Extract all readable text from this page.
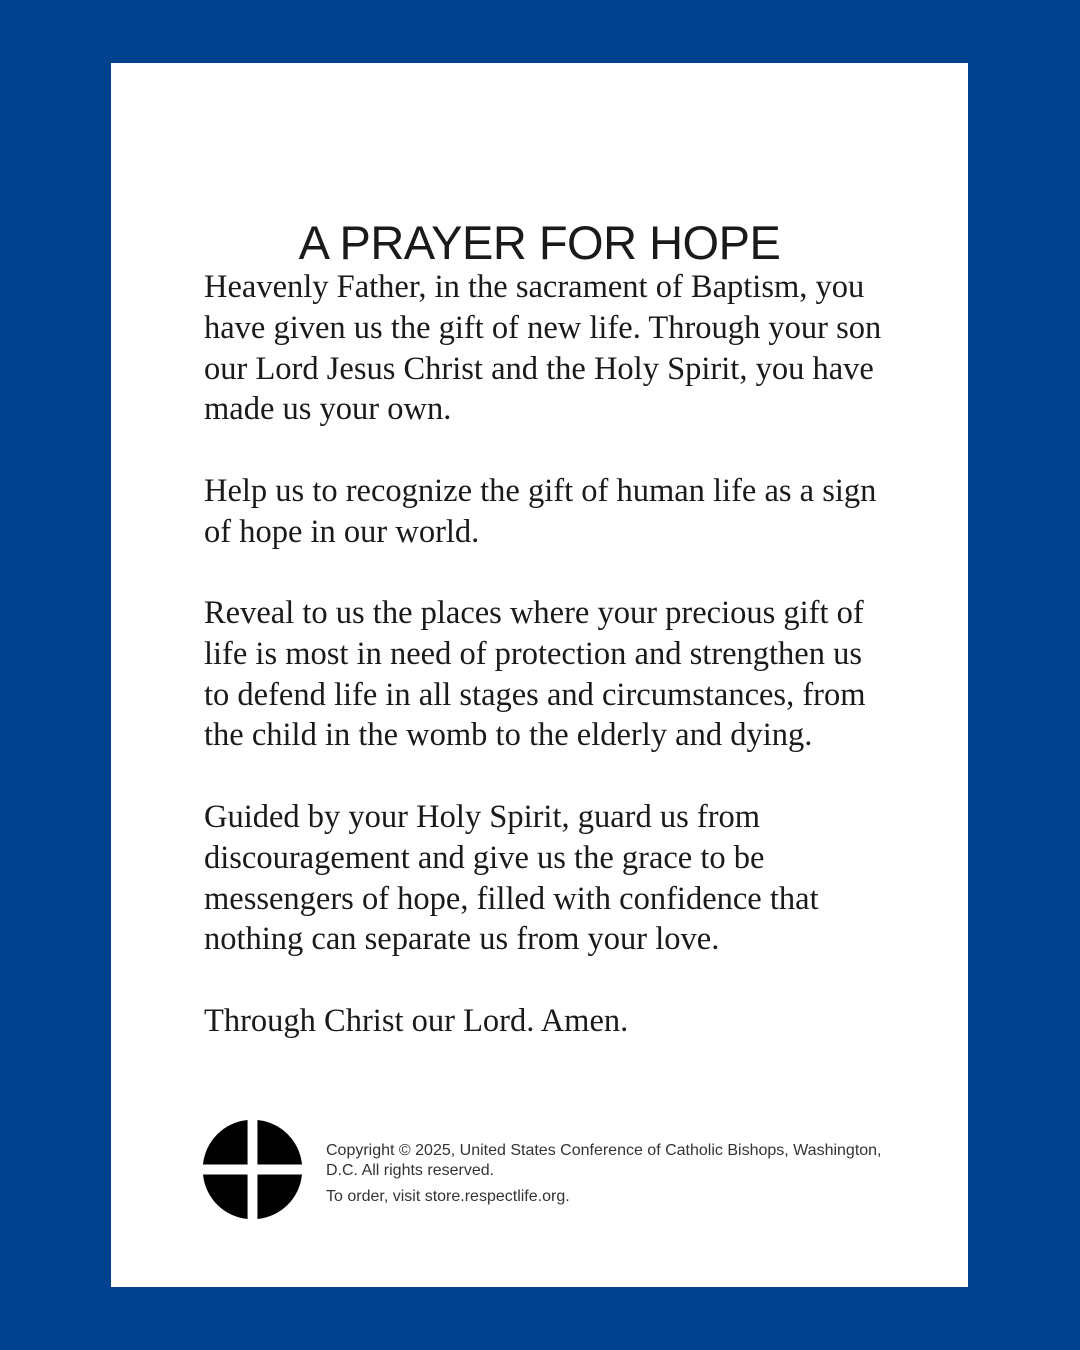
A PRAYER FOR HOPE

Heavenly Father, in the sacrament of Baptism, you have given us the gift of new life. Through your son our Lord Jesus Christ and the Holy Spirit, you have made us your own.

Help us to recognize the gift of human life as a sign of hope in our world.

Reveal to us the places where your precious gift of life is most in need of protection and strengthen us to defend life in all stages and circumstances, from the child in the womb to the elderly and dying.

Guided by your Holy Spirit, guard us from discouragement and give us the grace to be messengers of hope, filled with confidence that nothing can separate us from your love.

Through Christ our Lord. Amen.

Copyright © 2025, United States Conference of Catholic Bishops, Washington, D.C. All rights reserved.

To order, visit store.respectlife.org.
